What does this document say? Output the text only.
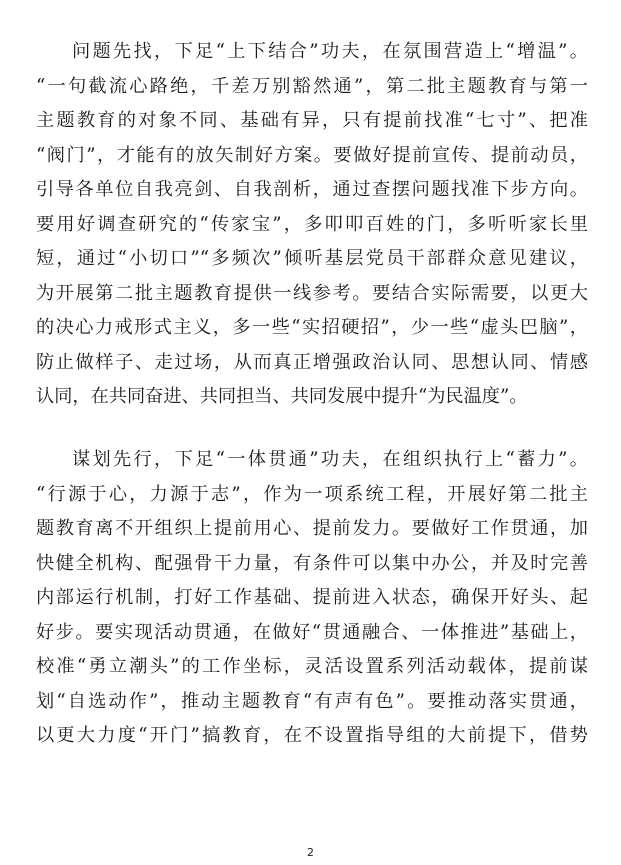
问题先找，下足“上下结合”功夫，在氛围营造上“增温”。
“一句截流心路绝，千差万别豁然通”，第二批主题教育与第一
主题教育的对象不同、基础有异，只有提前找准“七寸”、把准
“阀门”，才能有的放矢制好方案。要做好提前宣传、提前动员，
引导各单位自我亮剑、自我剖析，通过查摆问题找准下步方向。
要用好调查研究的“传家宝”，多叩叩百姓的门，多听听家长里
短，通过“小切口”“多频次”倾听基层党员干部群众意见建议，
为开展第二批主题教育提供一线参考。要结合实际需要，以更大
的决心力戒形式主义，多一些“实招硬招”，少一些“虚头巴脑”，
防止做样子、走过场，从而真正增强政治认同、思想认同、情感
认同，在共同奋进、共同担当、共同发展中提升“为民温度”。
谋划先行，下足“一体贯通”功夫，在组织执行上“蓄力”。
“行源于心，力源于志”，作为一项系统工程，开展好第二批主
题教育离不开组织上提前用心、提前发力。要做好工作贯通，加
快健全机构、配强骨干力量，有条件可以集中办公，并及时完善
内部运行机制，打好工作基础、提前进入状态，确保开好头、起
好步。要实现活动贯通，在做好“贯通融合、一体推进”基础上，
校准“勇立潮头”的工作坐标，灵活设置系列活动载体，提前谋
划“自选动作”，推动主题教育“有声有色”。要推动落实贯通，
以更大力度“开门”搞教育，在不设置指导组的大前提下，借势
2
